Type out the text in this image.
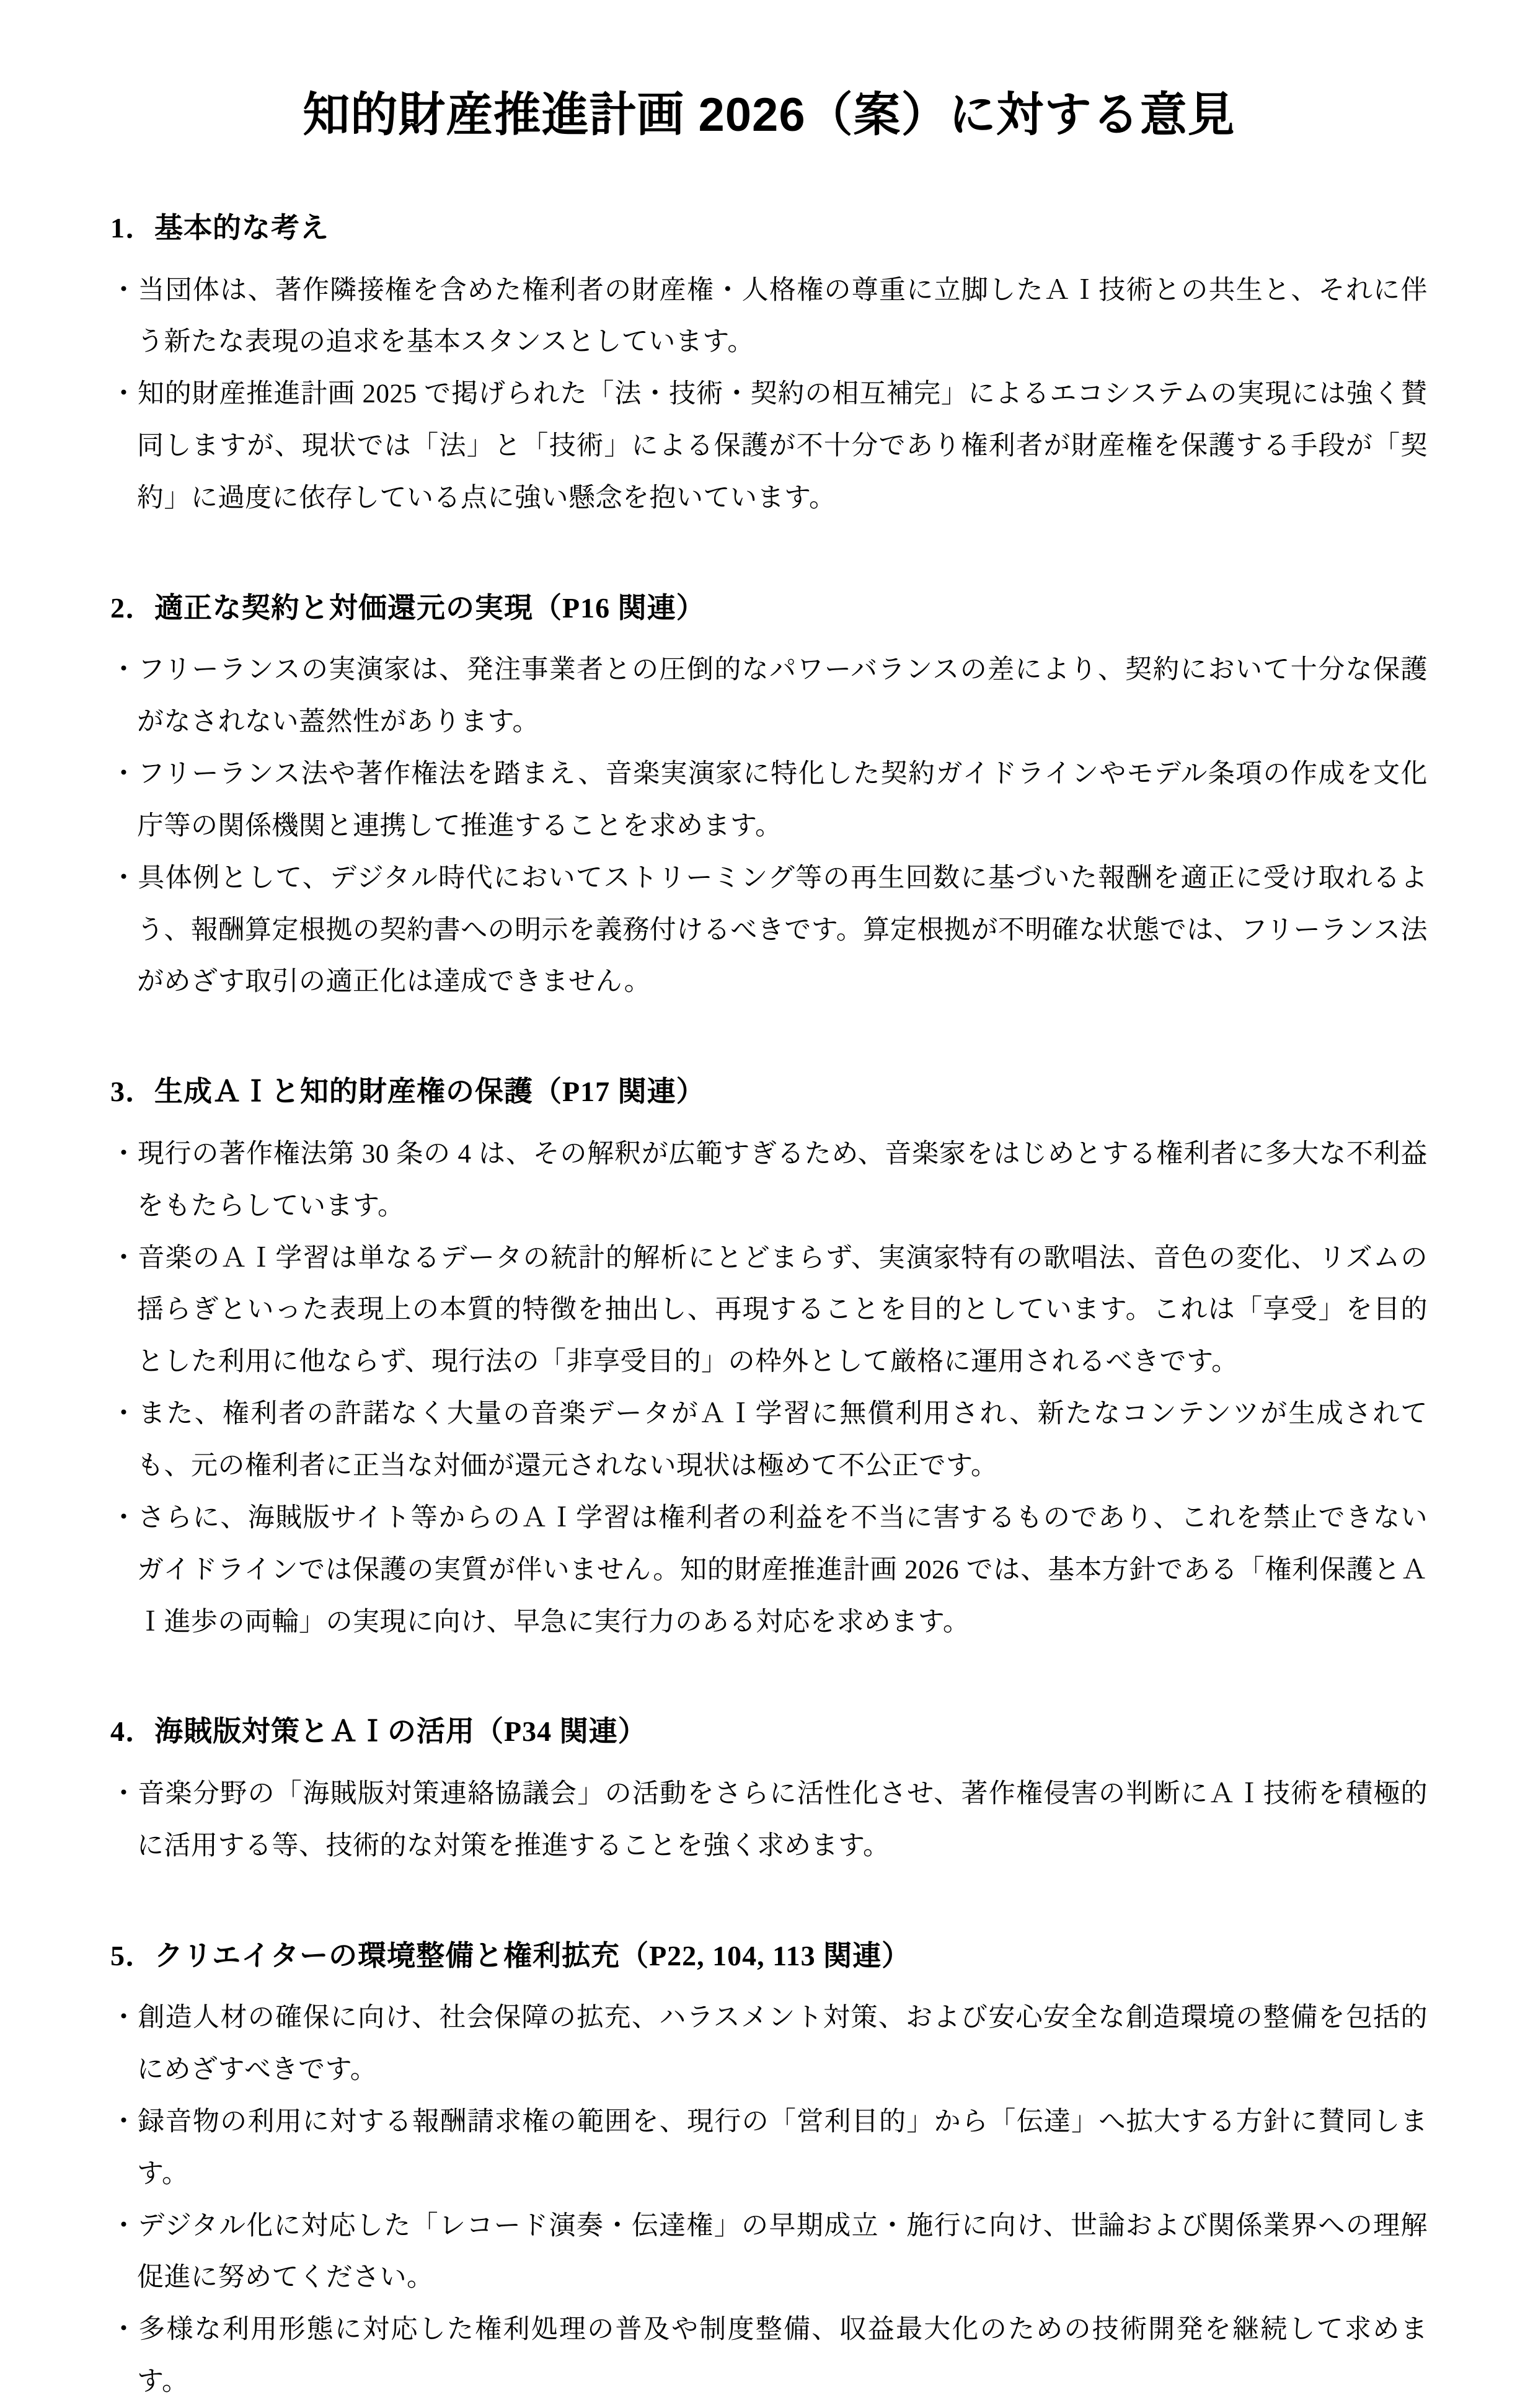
知的財産推進計画 2026（案）に対する意見
1．基本的な考え

・当団体は、著作隣接権を含めた権利者の財産権・人格権の尊重に立脚したＡＩ技術との共生と、それに伴う新たな表現の追求を基本スタンスとしています。

・知的財産推進計画 2025 で掲げられた「法・技術・契約の相互補完」によるエコシステムの実現には強く賛同しますが、現状では「法」と「技術」による保護が不十分であり権利者が財産権を保護する手段が「契約」に過度に依存している点に強い懸念を抱いています。

2．適正な契約と対価還元の実現（P16 関連）

・フリーランスの実演家は、発注事業者との圧倒的なパワーバランスの差により、契約において十分な保護がなされない蓋然性があります。

・フリーランス法や著作権法を踏まえ、音楽実演家に特化した契約ガイドラインやモデル条項の作成を文化庁等の関係機関と連携して推進することを求めます。

・具体例として、デジタル時代においてストリーミング等の再生回数に基づいた報酬を適正に受け取れるよう、報酬算定根拠の契約書への明示を義務付けるべきです。算定根拠が不明確な状態では、フリーランス法がめざす取引の適正化は達成できません。

3．生成ＡＩと知的財産権の保護（P17 関連）

・現行の著作権法第 30 条の 4 は、その解釈が広範すぎるため、音楽家をはじめとする権利者に多大な不利益をもたらしています。

・音楽のＡＩ学習は単なるデータの統計的解析にとどまらず、実演家特有の歌唱法、音色の変化、リズムの揺らぎといった表現上の本質的特徴を抽出し、再現することを目的としています。これは「享受」を目的とした利用に他ならず、現行法の「非享受目的」の枠外として厳格に運用されるべきです。

・また、権利者の許諾なく大量の音楽データがＡＩ学習に無償利用され、新たなコンテンツが生成されても、元の権利者に正当な対価が還元されない現状は極めて不公正です。

・さらに、海賊版サイト等からのＡＩ学習は権利者の利益を不当に害するものであり、これを禁止できないガイドラインでは保護の実質が伴いません。知的財産推進計画 2026 では、基本方針である「権利保護とＡＩ進歩の両輪」の実現に向け、早急に実行力のある対応を求めます。

4．海賊版対策とＡＩの活用（P34 関連）

・音楽分野の「海賊版対策連絡協議会」の活動をさらに活性化させ、著作権侵害の判断にＡＩ技術を積極的に活用する等、技術的な対策を推進することを強く求めます。

5．クリエイターの環境整備と権利拡充（P22, 104, 113 関連）

・創造人材の確保に向け、社会保障の拡充、ハラスメント対策、および安心安全な創造環境の整備を包括的にめざすべきです。

・録音物の利用に対する報酬請求権の範囲を、現行の「営利目的」から「伝達」へ拡大する方針に賛同します。

・デジタル化に対応した「レコード演奏・伝達権」の早期成立・施行に向け、世論および関係業界への理解促進に努めてください。

・多様な利用形態に対応した権利処理の普及や制度整備、収益最大化のための技術開発を継続して求めます。
